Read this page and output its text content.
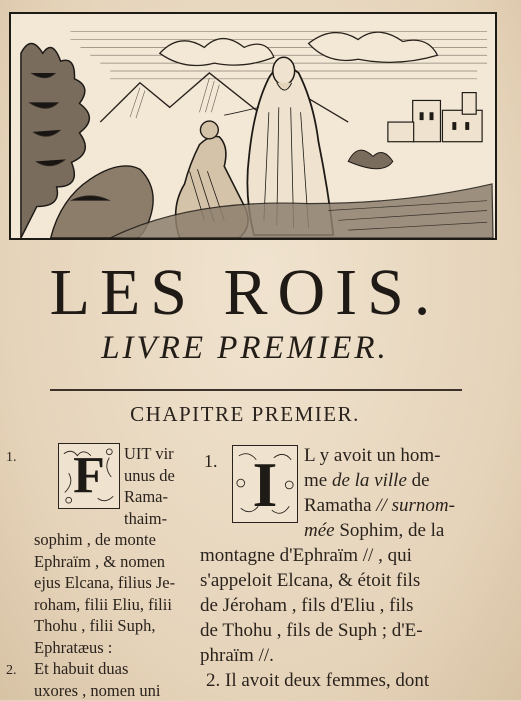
LES ROIS.
LIVRE PREMIER.
CHAPITRE PREMIER.
1. F	UIT vir
unus de
Rama-
thaim-
sophim , de monte
Ephraïm , & nomen
ejus Elcana, filius Je-
roham, filii Eliu, filii
Thohu , filii Suph,
Ephratæus :
2. Et habuit duas
uxores , nomen uni
1. I	L y avoit un hom-
me de la ville de
Ramatha // surnom-
mée Sophim, de la
montagne d'Ephraïm // , qui
s'appeloit Elcana, & étoit fils
de Jéroham , fils d'Eliu , fils
de Thohu , fils de Suph ; d'E-
phraïm //.
2. Il avoit deux femmes, dont
